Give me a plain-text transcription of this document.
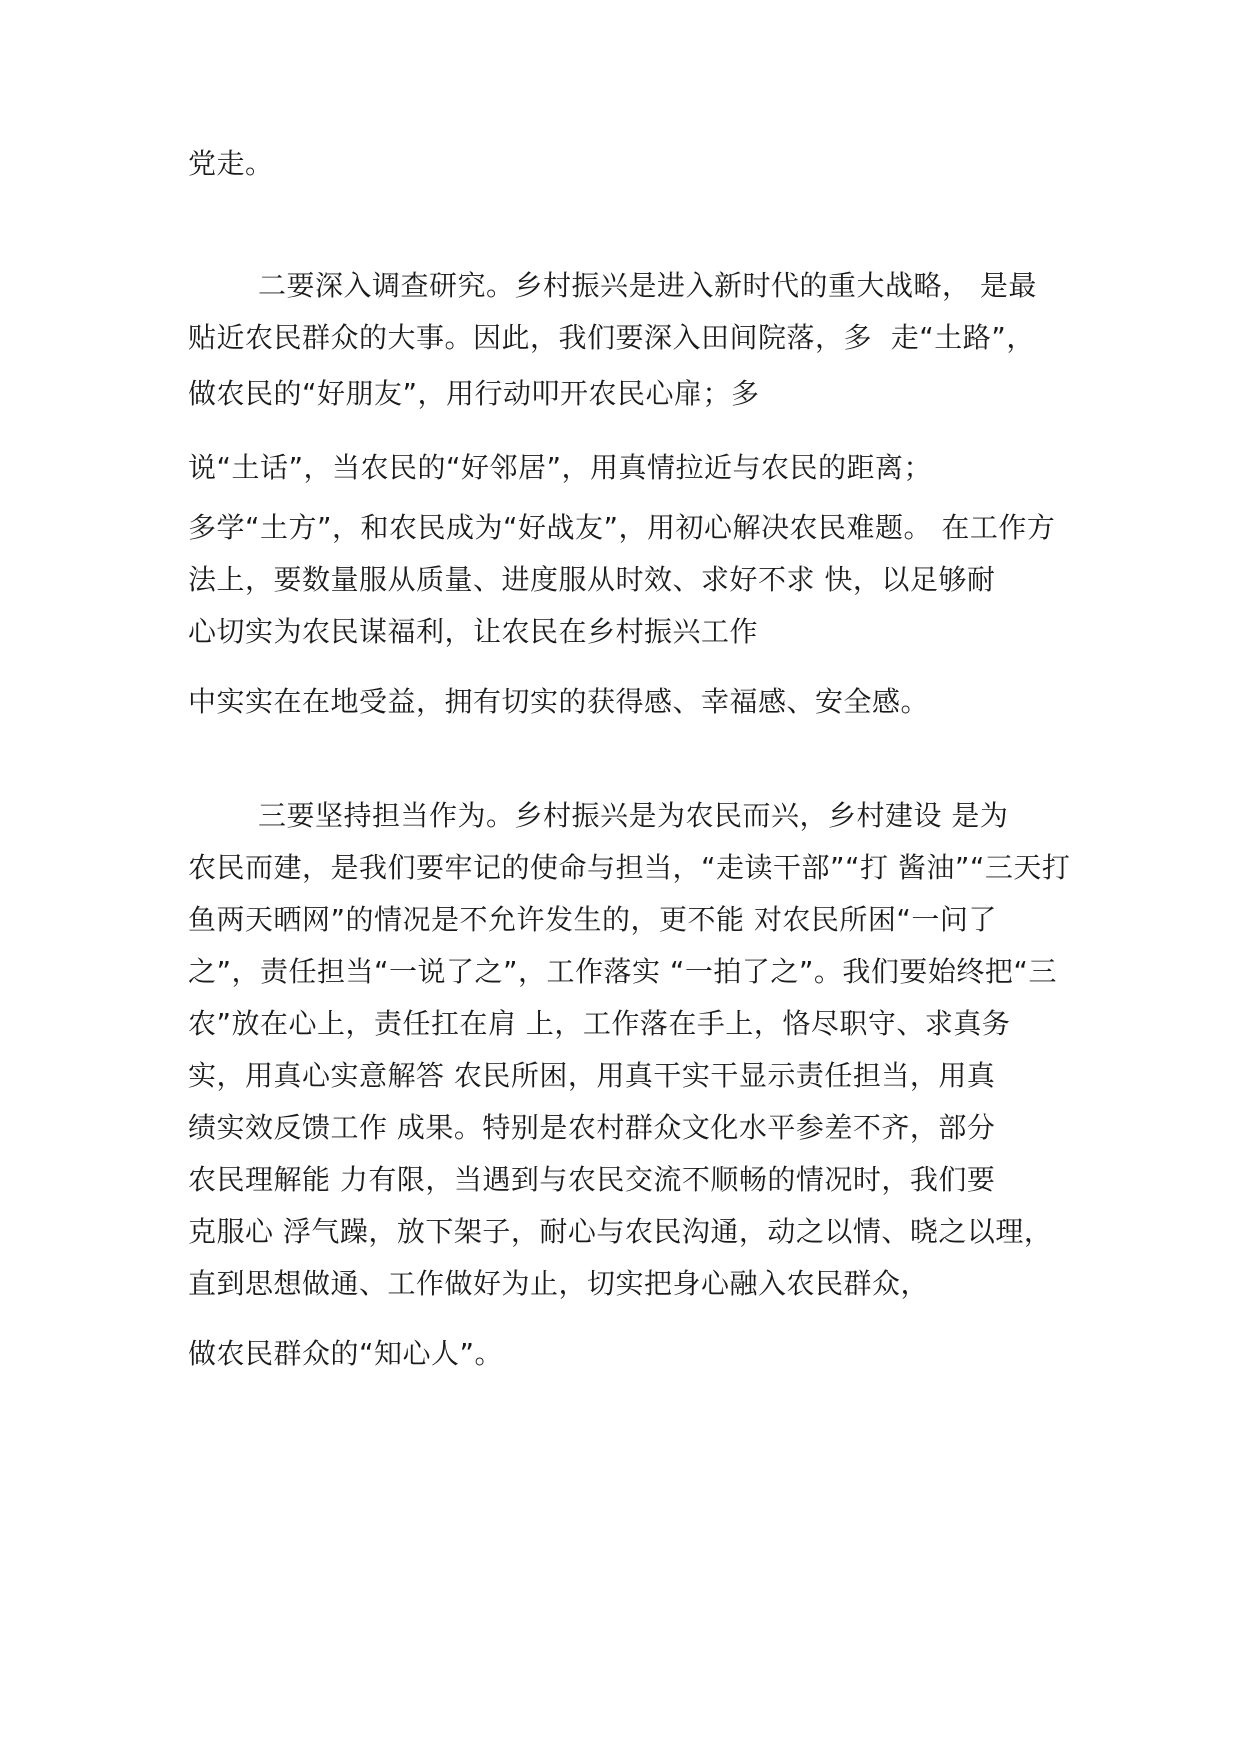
党走。
二要深入调查研究。乡村振兴是进入新时代的重大战略， 是最
贴近农民群众的大事。因此，我们要深入田间院落，多  走“土路”，
做农民的“好朋友”，用行动叩开农民心扉；多
说“土话”，当农民的“好邻居”，用真情拉近与农民的距离；
多学“土方”，和农民成为“好战友”，用初心解决农民难题。 在工作方
法上，要数量服从质量、进度服从时效、求好不求 快，以足够耐
心切实为农民谋福利，让农民在乡村振兴工作
中实实在在地受益，拥有切实的获得感、幸福感、安全感。
三要坚持担当作为。乡村振兴是为农民而兴，乡村建设 是为
农民而建，是我们要牢记的使命与担当，“走读干部”“打 酱油”“三天打
鱼两天晒网”的情况是不允许发生的，更不能 对农民所困“一问了
之”，责任担当“一说了之”，工作落实 “一拍了之”。我们要始终把“三
农”放在心上，责任扛在肩 上，工作落在手上，恪尽职守、求真务
实，用真心实意解答 农民所困，用真干实干显示责任担当，用真
绩实效反馈工作 成果。特别是农村群众文化水平参差不齐，部分
农民理解能 力有限，当遇到与农民交流不顺畅的情况时，我们要
克服心 浮气躁，放下架子，耐心与农民沟通，动之以情、晓之以理，
直到思想做通、工作做好为止，切实把身心融入农民群众，
做农民群众的“知心人”。
